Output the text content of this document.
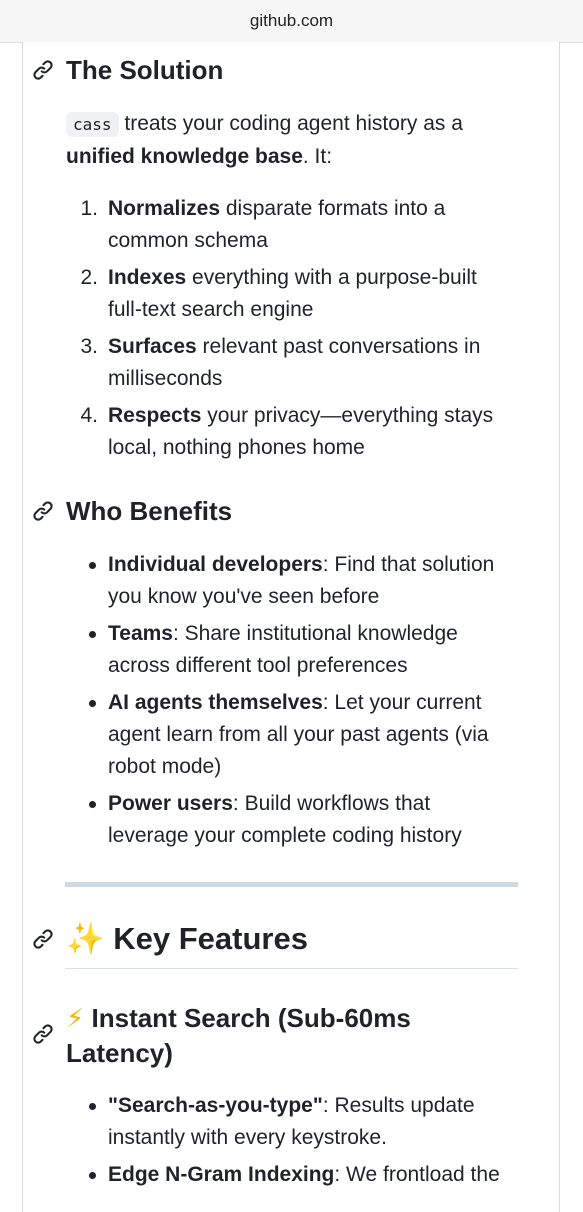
github.com
The Solution
cass treats your coding agent history as a unified knowledge base. It:
1. Normalizes disparate formats into a common schema
2. Indexes everything with a purpose-built full-text search engine
3. Surfaces relevant past conversations in milliseconds
4. Respects your privacy—everything stays local, nothing phones home
Who Benefits
Individual developers: Find that solution you know you've seen before
Teams: Share institutional knowledge across different tool preferences
AI agents themselves: Let your current agent learn from all your past agents (via robot mode)
Power users: Build workflows that leverage your complete coding history
✨ Key Features
⚡ Instant Search (Sub-60ms Latency)
"Search-as-you-type": Results update instantly with every keystroke.
Edge N-Gram Indexing: We frontload the
